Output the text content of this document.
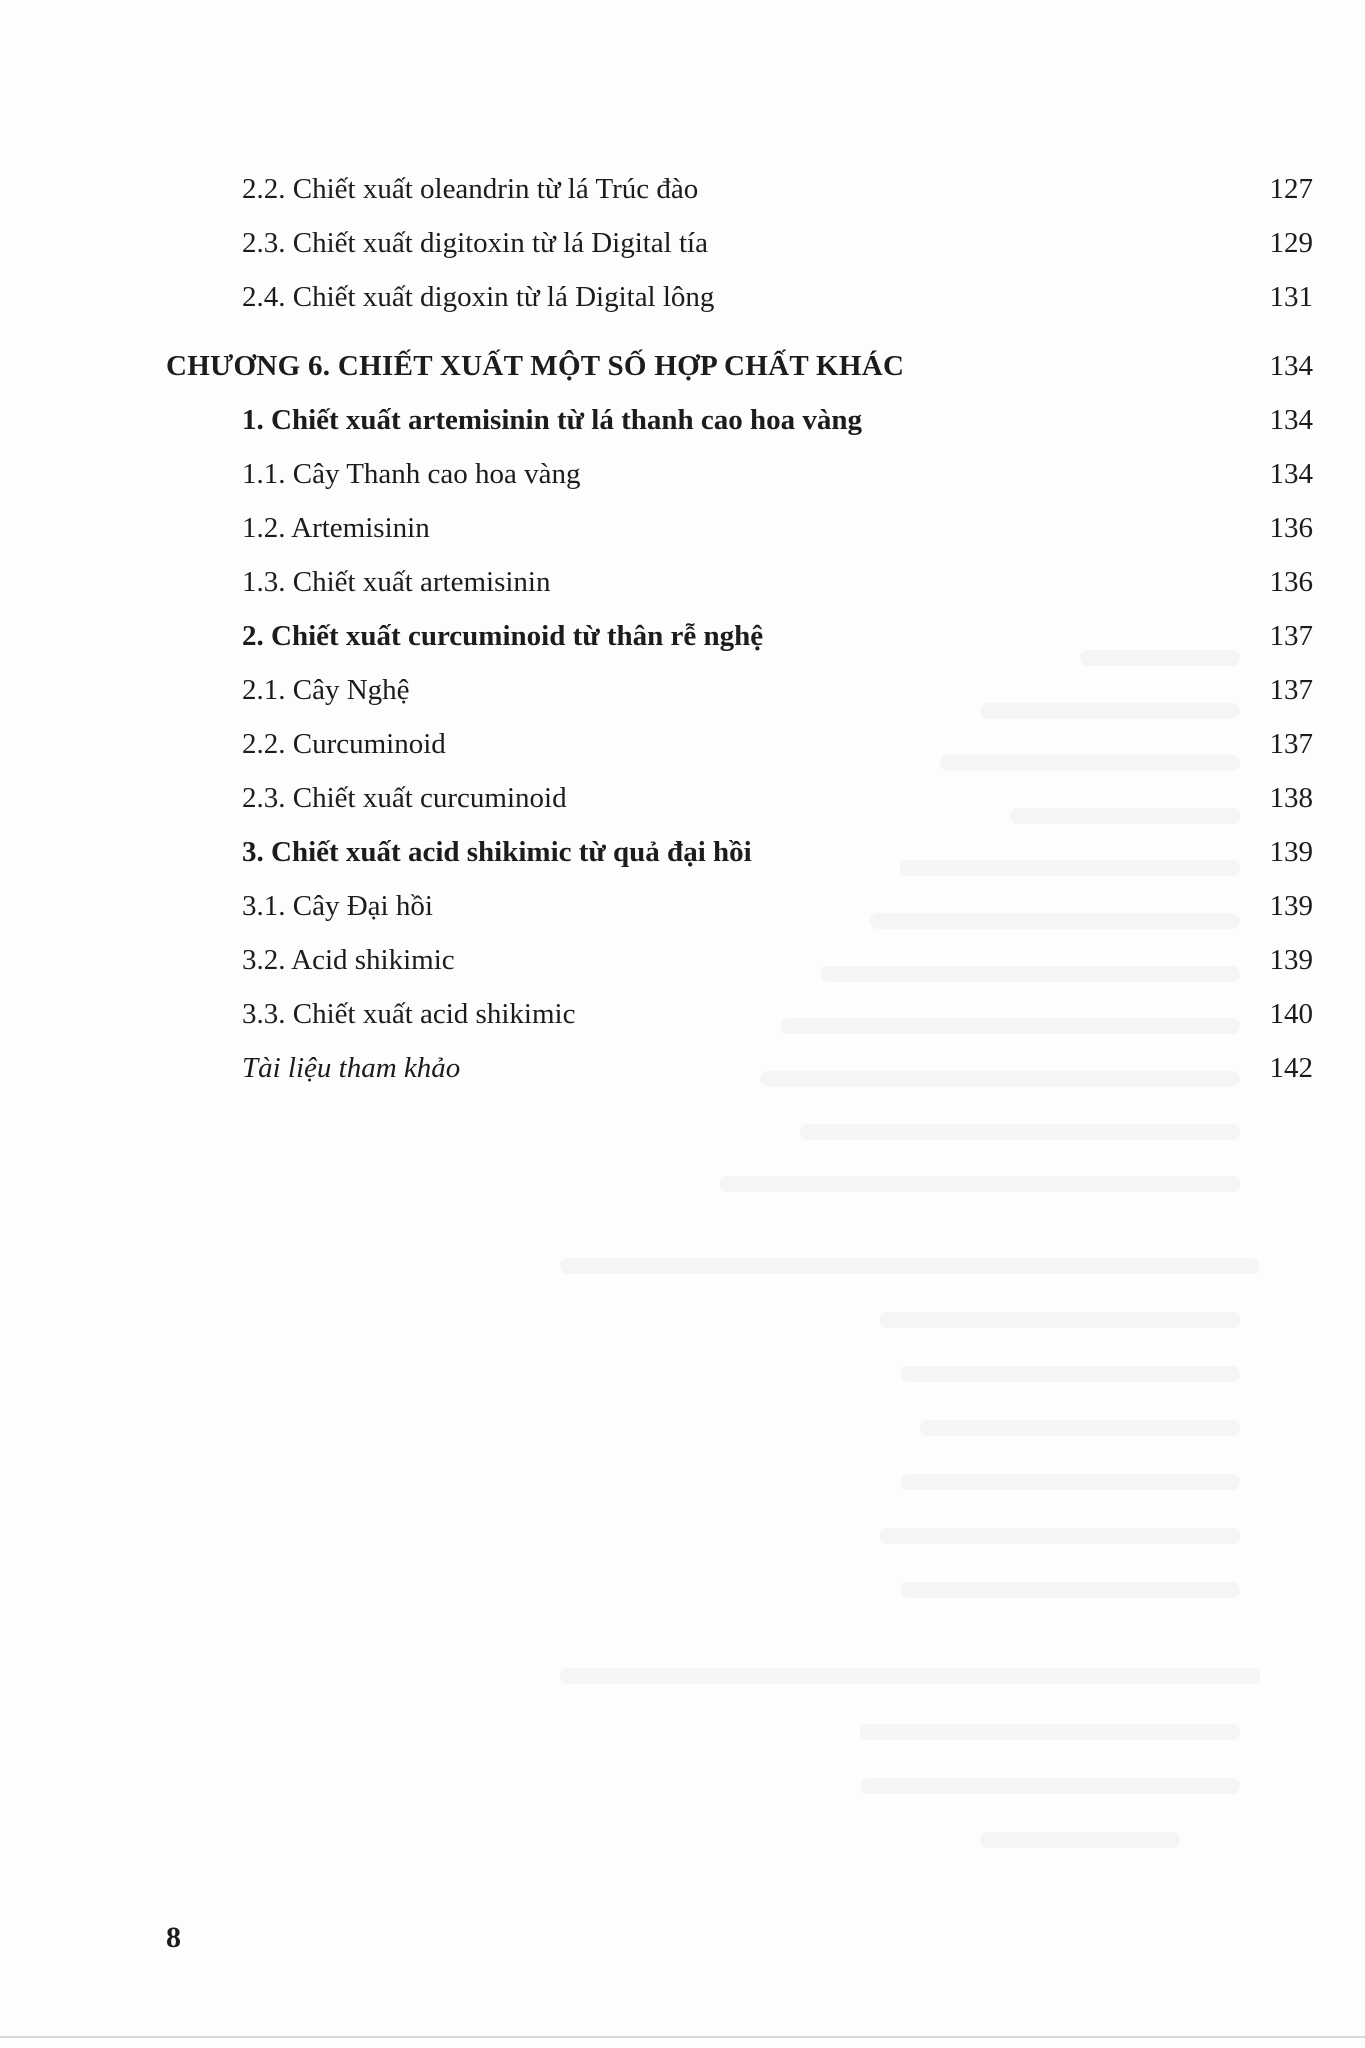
2.2. Chiết xuất oleandrin từ lá Trúc đào	127
2.3. Chiết xuất digitoxin từ lá Digital tía	129
2.4. Chiết xuất digoxin từ lá Digital lông	131
CHƯƠNG 6. CHIẾT XUẤT MỘT SỐ HỢP CHẤT KHÁC	134
1. Chiết xuất artemisinin từ lá thanh cao hoa vàng	134
1.1. Cây Thanh cao hoa vàng	134
1.2. Artemisinin	136
1.3. Chiết xuất artemisinin	136
2. Chiết xuất curcuminoid từ thân rễ nghệ	137
2.1. Cây Nghệ	137
2.2. Curcuminoid	137
2.3. Chiết xuất curcuminoid	138
3. Chiết xuất acid shikimic từ quả đại hồi	139
3.1. Cây Đại hồi	139
3.2. Acid shikimic	139
3.3. Chiết xuất acid shikimic	140
Tài liệu tham khảo	142
8
